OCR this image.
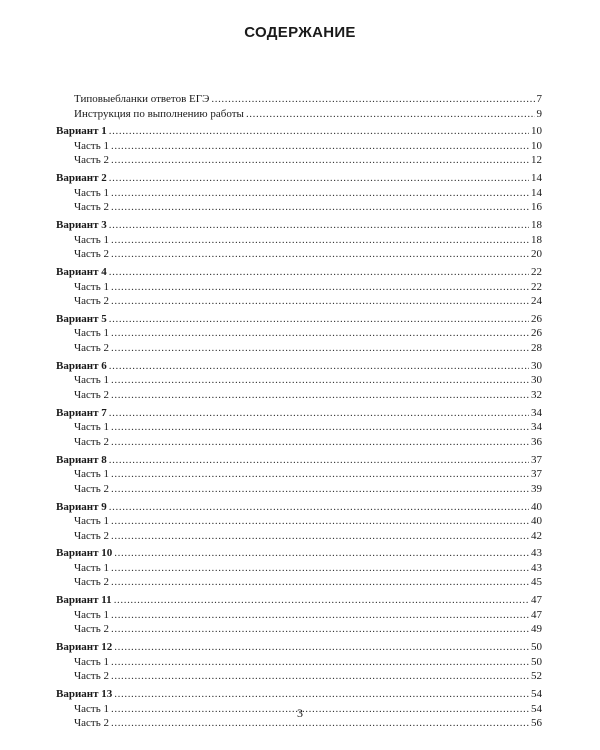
СОДЕРЖАНИЕ
Типовыебланки ответов ЕГЭ .....	7
Инструкция по выполнению работы .....	9
Вариант 1 .....	10
Часть 1 .....	10
Часть 2 .....	12
Вариант 2 .....	14
Часть 1 .....	14
Часть 2 .....	16
Вариант 3 .....	18
Часть 1 .....	18
Часть 2 .....	20
Вариант 4 .....	22
Часть 1 .....	22
Часть 2 .....	24
Вариант 5 .....	26
Часть 1 .....	26
Часть 2 .....	28
Вариант 6 .....	30
Часть 1 .....	30
Часть 2 .....	32
Вариант 7 .....	34
Часть 1 .....	34
Часть 2 .....	36
Вариант 8 .....	37
Часть 1 .....	37
Часть 2 .....	39
Вариант 9 .....	40
Часть 1 .....	40
Часть 2 .....	42
Вариант 10 .....	43
Часть 1 .....	43
Часть 2 .....	45
Вариант 11 .....	47
Часть 1 .....	47
Часть 2 .....	49
Вариант 12 .....	50
Часть 1 .....	50
Часть 2 .....	52
Вариант 13 .....	54
Часть 1 .....	54
Часть 2 .....	56
3
